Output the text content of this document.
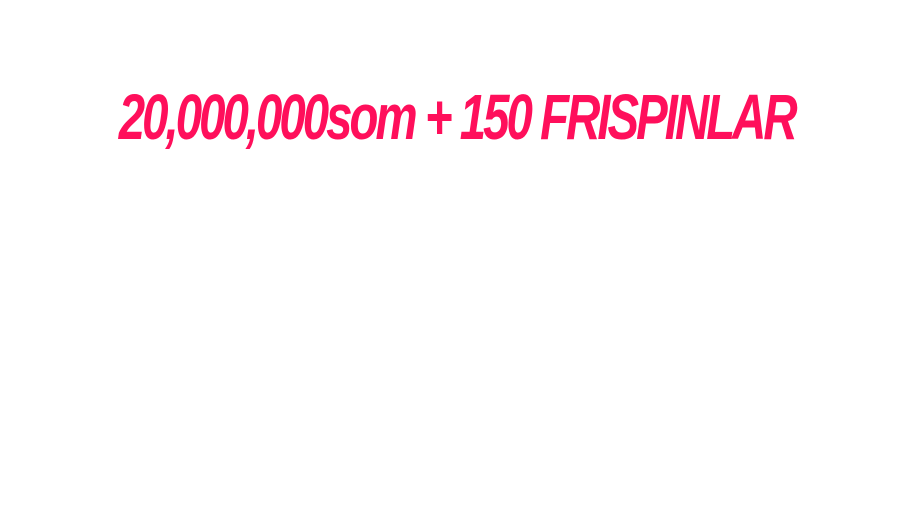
20,000,000som + 150 FRISPINLAR
